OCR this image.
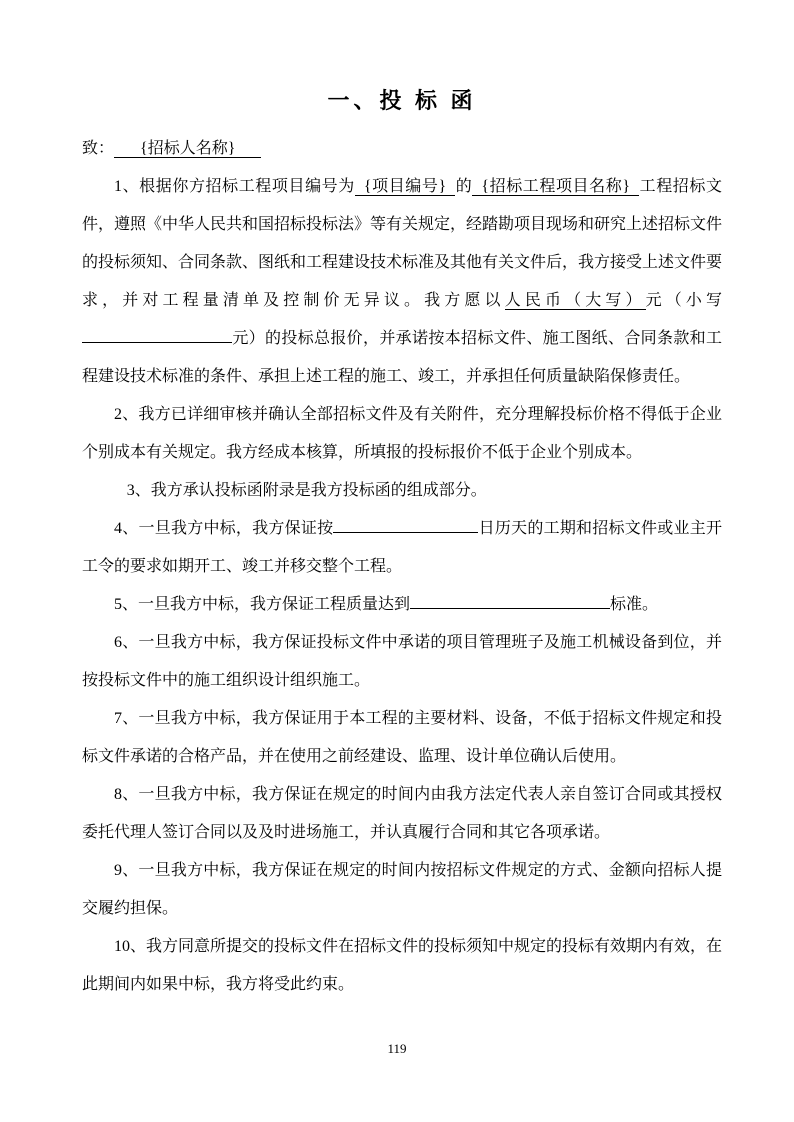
一、投 标 函
致： {招标人名称}

1、根据你方招标工程项目编号为 {项目编号} 的 {招标工程项目名称} 工程招标文件，遵照《中华人民共和国招标投标法》等有关规定，经踏勘项目现场和研究上述招标文件的投标须知、合同条款、图纸和工程建设技术标准及其他有关文件后，我方接受上述文件要求，并对工程量清单及控制价无异议。我方愿以人民币（大写）元（小写元）的投标总报价，并承诺按本招标文件、施工图纸、合同条款和工程建设技术标准的条件、承担上述工程的施工、竣工，并承担任何质量缺陷保修责任。

2、我方已详细审核并确认全部招标文件及有关附件，充分理解投标价格不得低于企业个别成本有关规定。我方经成本核算，所填报的投标报价不低于企业个别成本。

3、我方承认投标函附录是我方投标函的组成部分。

4、一旦我方中标，我方保证按	日历天的工期和招标文件或业主开工令的要求如期开工、竣工并移交整个工程。

5、一旦我方中标，我方保证工程质量达到	标准。

6、一旦我方中标，我方保证投标文件中承诺的项目管理班子及施工机械设备到位，并按投标文件中的施工组织设计组织施工。

7、一旦我方中标，我方保证用于本工程的主要材料、设备，不低于招标文件规定和投标文件承诺的合格产品，并在使用之前经建设、监理、设计单位确认后使用。

8、一旦我方中标，我方保证在规定的时间内由我方法定代表人亲自签订合同或其授权委托代理人签订合同以及及时进场施工，并认真履行合同和其它各项承诺。

9、一旦我方中标，我方保证在规定的时间内按招标文件规定的方式、金额向招标人提交履约担保。

10、我方同意所提交的投标文件在招标文件的投标须知中规定的投标有效期内有效，在此期间内如果中标，我方将受此约束。

119
